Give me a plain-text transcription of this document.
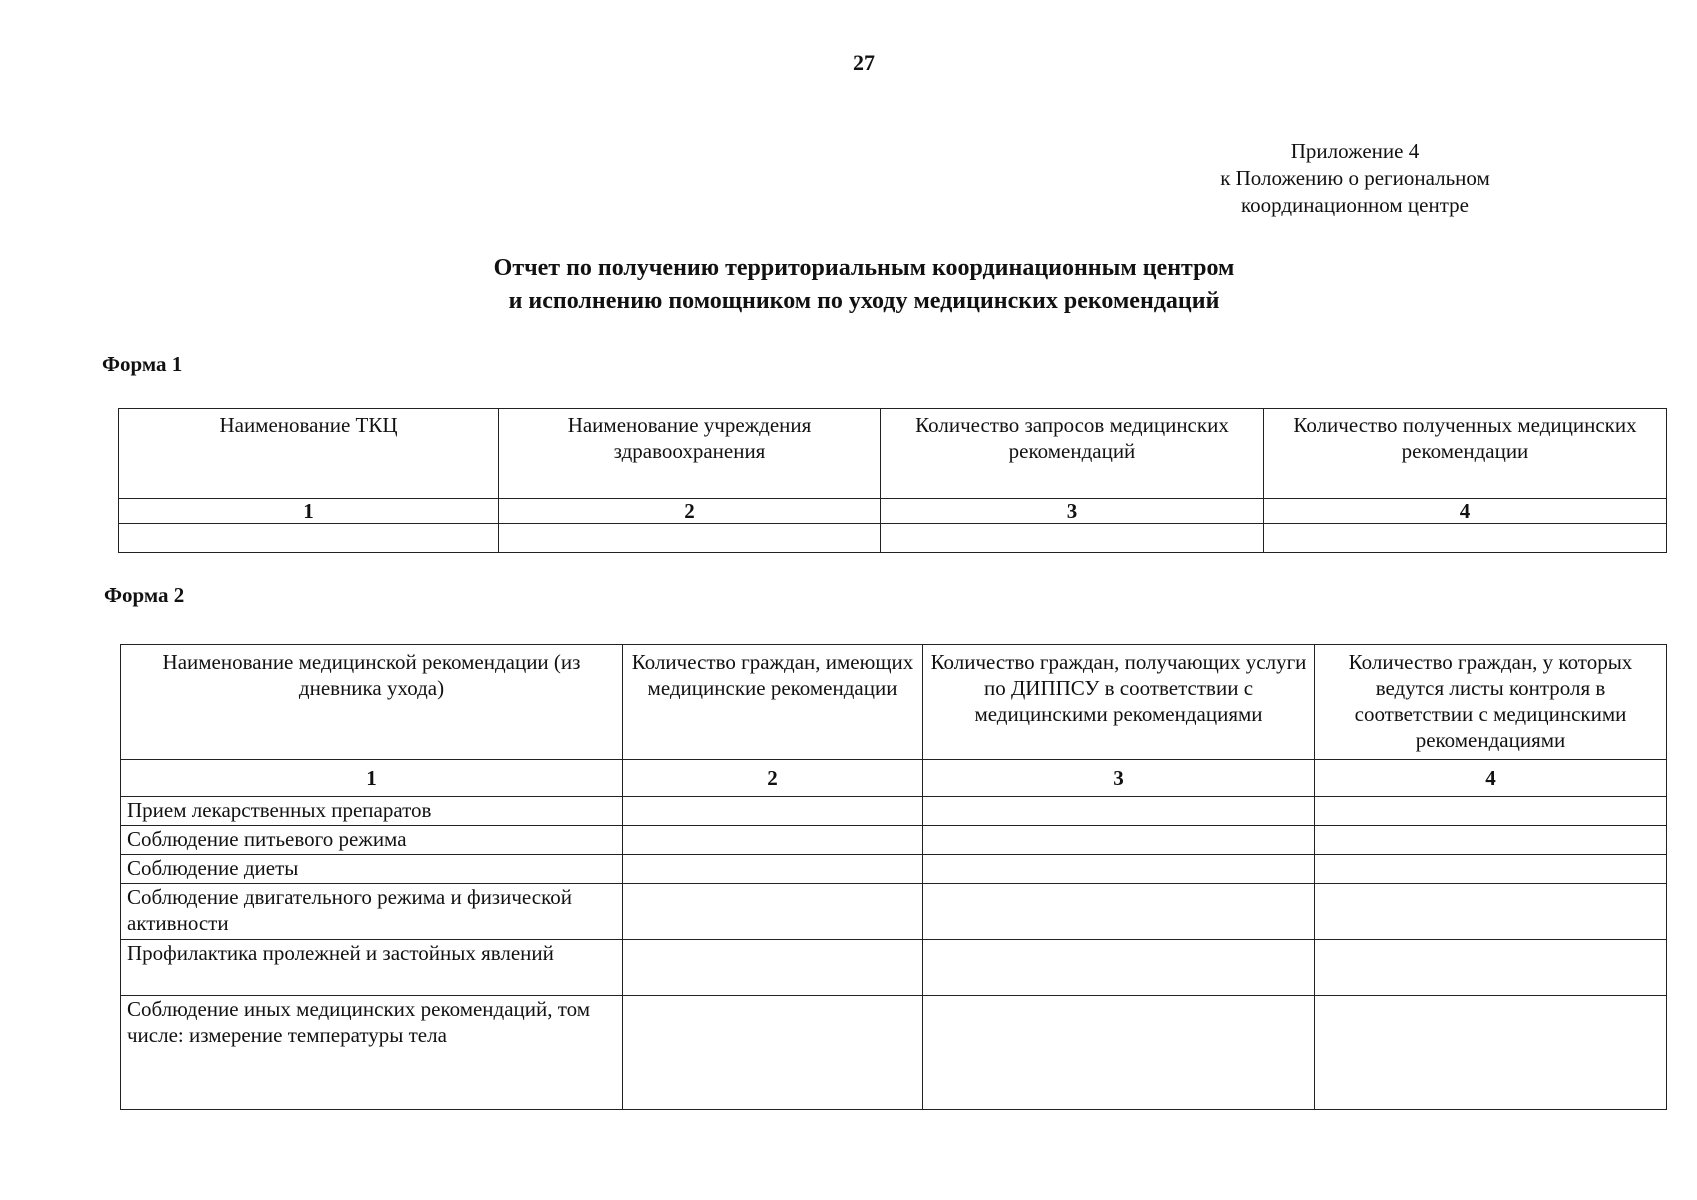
27
Приложение 4
к Положению о региональном
координационном центре
Отчет по получению территориальным координационным центром
и исполнению помощником по уходу медицинских рекомендаций
Форма 1
Наименование ТКЦ	Наименование учреждения здравоохранения	Количество запросов медицинских рекомендаций	Количество полученных медицинских рекомендации
1	2	3	4

Форма 2
Наименование медицинской рекомендации (из дневника ухода)	Количество граждан, имеющих медицинские рекомендации	Количество граждан, получающих услуги по ДИППСУ в соответствии с медицинскими рекомендациями	Количество граждан, у которых ведутся листы контроля в соответствии с медицинскими рекомендациями
1	2	3	4
Прием лекарственных препаратов			
Соблюдение питьевого режима			
Соблюдение диеты			
Соблюдение двигательного режима и физической активности			
Профилактика пролежней и застойных явлений			
Соблюдение иных медицинских рекомендаций, том числе: измерение температуры тела			
